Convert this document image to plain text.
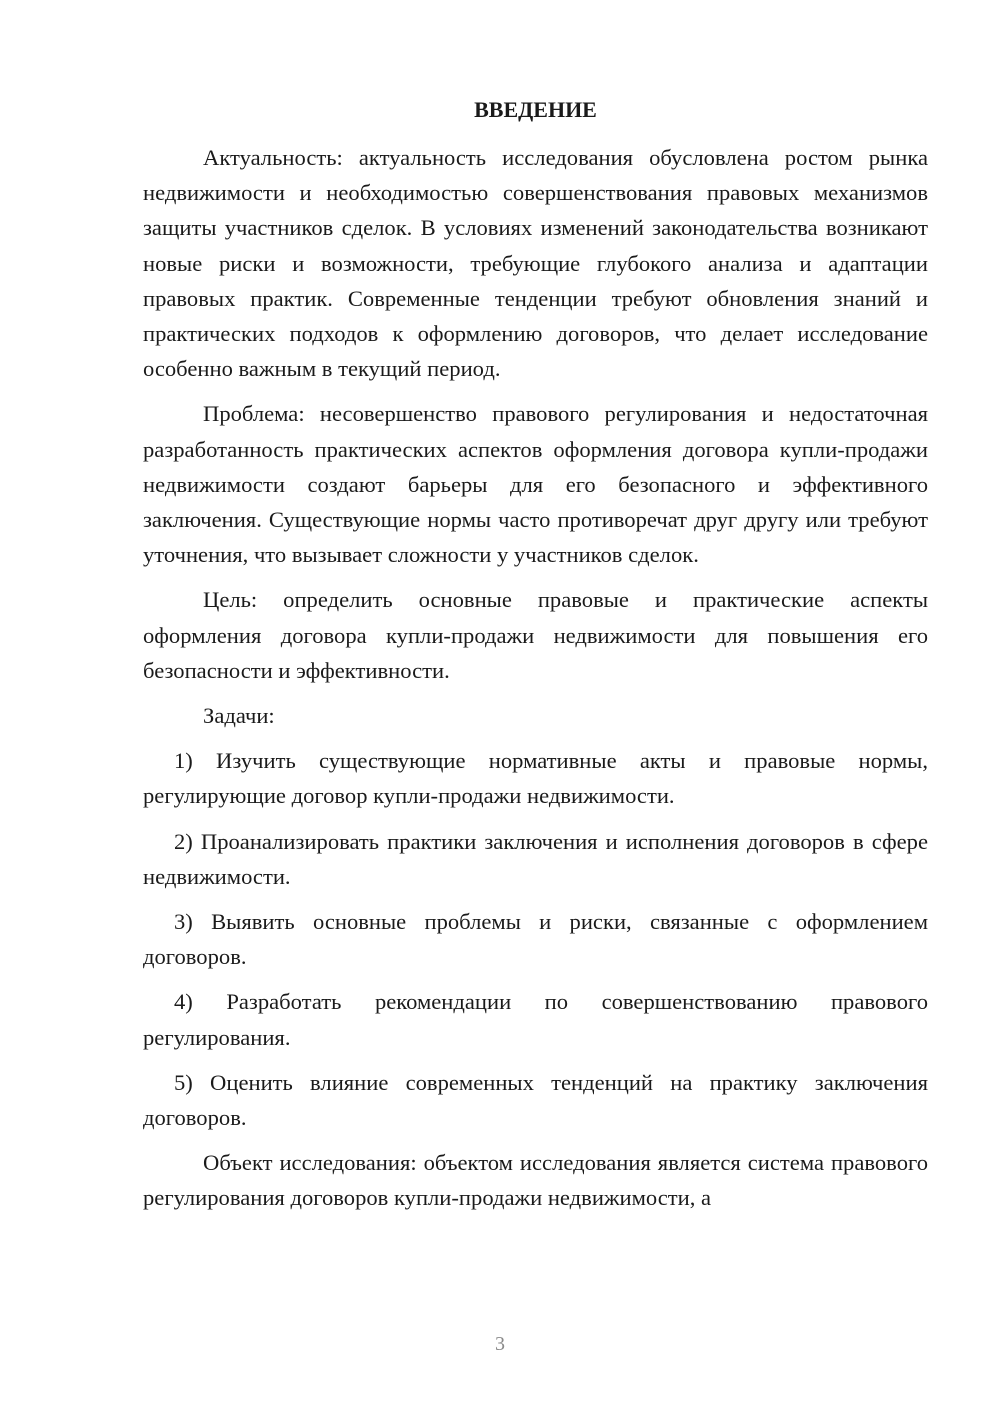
ВВЕДЕНИЕ

Актуальность: актуальность исследования обусловлена ростом рынка недвижимости и необходимостью совершенствования правовых механизмов защиты участников сделок. В условиях изменений законодательства возникают новые риски и возможности, требующие глубокого анализа и адаптации правовых практик. Современные тенденции требуют обновления знаний и практических подходов к оформлению договоров, что делает исследование особенно важным в текущий период.

Проблема: несовершенство правового регулирования и недостаточная разработанность практических аспектов оформления договора купли-продажи недвижимости создают барьеры для его безопасного и эффективного заключения. Существующие нормы часто противоречат друг другу или требуют уточнения, что вызывает сложности у участников сделок.

Цель: определить основные правовые и практические аспекты оформления договора купли-продажи недвижимости для повышения его безопасности и эффективности.

Задачи:

1) Изучить существующие нормативные акты и правовые нормы, регулирующие договор купли-продажи недвижимости.

2) Проанализировать практики заключения и исполнения договоров в сфере недвижимости.

3) Выявить основные проблемы и риски, связанные с оформлением договоров.

4) Разработать рекомендации по совершенствованию правового регулирования.

5) Оценить влияние современных тенденций на практику заключения договоров.

Объект исследования: объектом исследования является система правового регулирования договоров купли-продажи недвижимости, а

3
